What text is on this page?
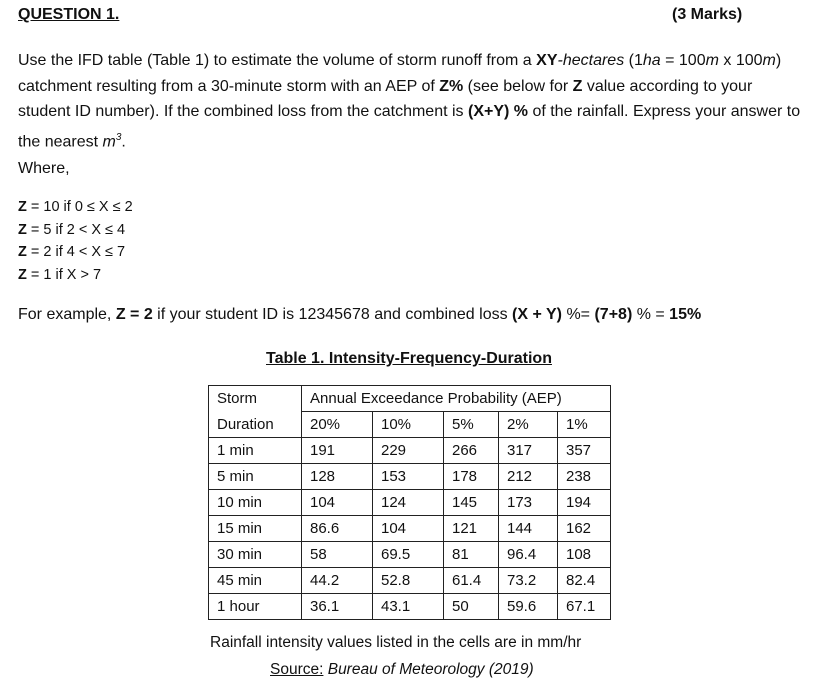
QUESTION 1.	(3 Marks)
Use the IFD table (Table 1) to estimate the volume of storm runoff from a XY-hectares (1ha = 100m x 100m) catchment resulting from a 30-minute storm with an AEP of Z% (see below for Z value according to your student ID number). If the combined loss from the catchment is (X+Y) % of the rainfall. Express your answer to the nearest $m^3$.
Where,
Z = 10 if 0 ≤ X ≤ 2
Z = 5 if 2 < X ≤ 4
Z = 2 if 4 < X ≤ 7
Z = 1 if X > 7
For example, Z = 2 if your student ID is 12345678 and combined loss (X + Y) %= (7+8) % = 15%
Table 1. Intensity-Frequency-Duration
Storm	Annual Exceedance Probability (AEP)				
Duration	20%	10%	5%	2%	1%
1 min	191	229	266	317	357
5 min	128	153	178	212	238
10 min	104	124	145	173	194
15 min	86.6	104	121	144	162
30 min	58	69.5	81	96.4	108
45 min	44.2	52.8	61.4	73.2	82.4
1 hour	36.1	43.1	50	59.6	67.1
Rainfall intensity values listed in the cells are in mm/hr
Source: Bureau of Meteorology (2019)
